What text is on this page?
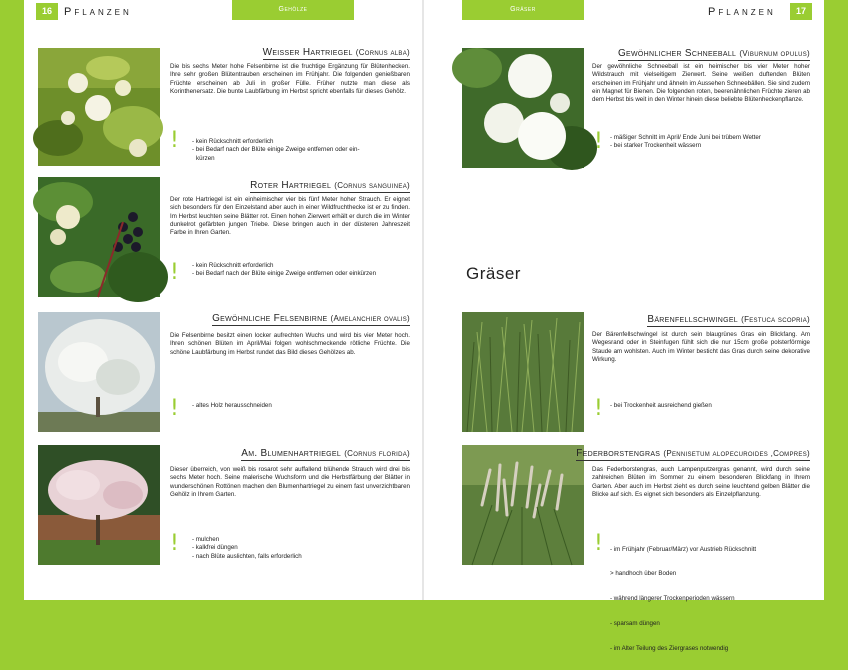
16	Pflanzen	Gehölze
Weisser Hartriegel (Cornus alba)
Die bis sechs Meter hohe Felsenbirne ist die fruchtige Ergänzung für Blütenhecken. Ihre sehr großen Blütentrauben erscheinen im Frühjahr. Die folgenden genießbaren Früchte erscheinen ab Juli in großer Fülle. Früher nutzte man diese als Korinthenersatz. Die bunte Laubfärbung im Herbst spricht ebenfalls für dieses Gehölz.
! - kein Rückschnitt erforderlich
- bei Bedarf nach der Blüte einige Zweige entfernen oder ein-
kürzen
Roter Hartriegel (Cornus sanguinea)
Der rote Hartriegel ist ein einheimischer vier bis fünf Meter hoher Strauch. Er eignet sich besonders für den Einzelstand aber auch in einer Wildfruchthecke ist er zu finden. Im Herbst leuchten seine Blätter rot. Einen hohen Zierwert erhält er durch die im Winter dunkelrot gefärbten jungen Triebe. Diese bringen auch in der düsteren Jahreszeit Farbe in Ihren Garten.
! - kein Rückschnitt erforderlich
- bei Bedarf nach der Blüte einige Zweige entfernen oder einkürzen
Gewöhnliche Felsenbirne (Amelanchier ovalis)
Die Felsenbirne besitzt einen locker aufrechten Wuchs und wird bis vier Meter hoch. Ihren schönen Blüten im April/Mai folgen wohlschmeckende rötliche Früchte. Die schöne Laubfärbung im Herbst rundet das Bild dieses Gehölzes ab.
! - altes Holz herausschneiden
Am. Blumenhartriegel (Cornus florida)
Dieser überreich, von weiß bis rosarot sehr auffallend blühende Strauch wird drei bis sechs Meter hoch. Seine malerische Wuchsform und die Herbstfärbung der Blätter in wunderschönen Rottönen machen den Blumenhartriegel zu einem fast unverzichtbaren Gehölz in Ihrem Garten.
! - mulchen
- kalkfrei düngen
- nach Blüte auslichten, falls erforderlich
Gräser	Pflanzen	17
Gewöhnlicher Schneeball (Viburnum opulus)
Der gewöhnliche Schneeball ist ein heimischer bis vier Meter hoher Wildstrauch mit vielseitigem Zierwert. Seine weißen duftenden Blüten erscheinen im Frühjahr und ähneln im Aussehen Schneebällen. Sie sind zudem ein Magnet für Bienen. Die folgenden roten, beerenähnlichen Früchte zieren ab dem Herbst bis weit in den Winter hinein diese beliebte Blütenheckenpflanze.
! - mäßiger Schnitt im April/ Ende Juni bei trübem Wetter
- bei starker Trockenheit wässern
Gräser
Bärenfellschwingel (Festuca scopria)
Der Bärenfellschwingel ist durch sein blaugrünes Gras ein Blickfang. Am Wegesrand oder in Steinfugen fühlt sich die nur 15cm große polsterförmige Staude am wohlsten. Auch im Winter besticht das Gras durch seine dekorative Wirkung.
! - bei Trockenheit ausreichend gießen
Federborstengras (Pennisetum alopecuroides ,Compres)
Das Federborstengras, auch Lampenputzergras genannt, wird durch seine zahlreichen Blüten im Sommer zu einem besonderen Blickfang in Ihrem Garten. Aber auch im Herbst zieht es durch seine leuchtend gelben Blätter die Blicke auf sich. Es eignet sich besonders als Einzelpflanzung.
!

- im Frühjahr (Februar/März) vor Austrieb Rückschnitt

> handhoch über Boden

- während längerer Trockenperioden wässern

- sparsam düngen

- im Alter Teilung des Ziergrases notwendig
